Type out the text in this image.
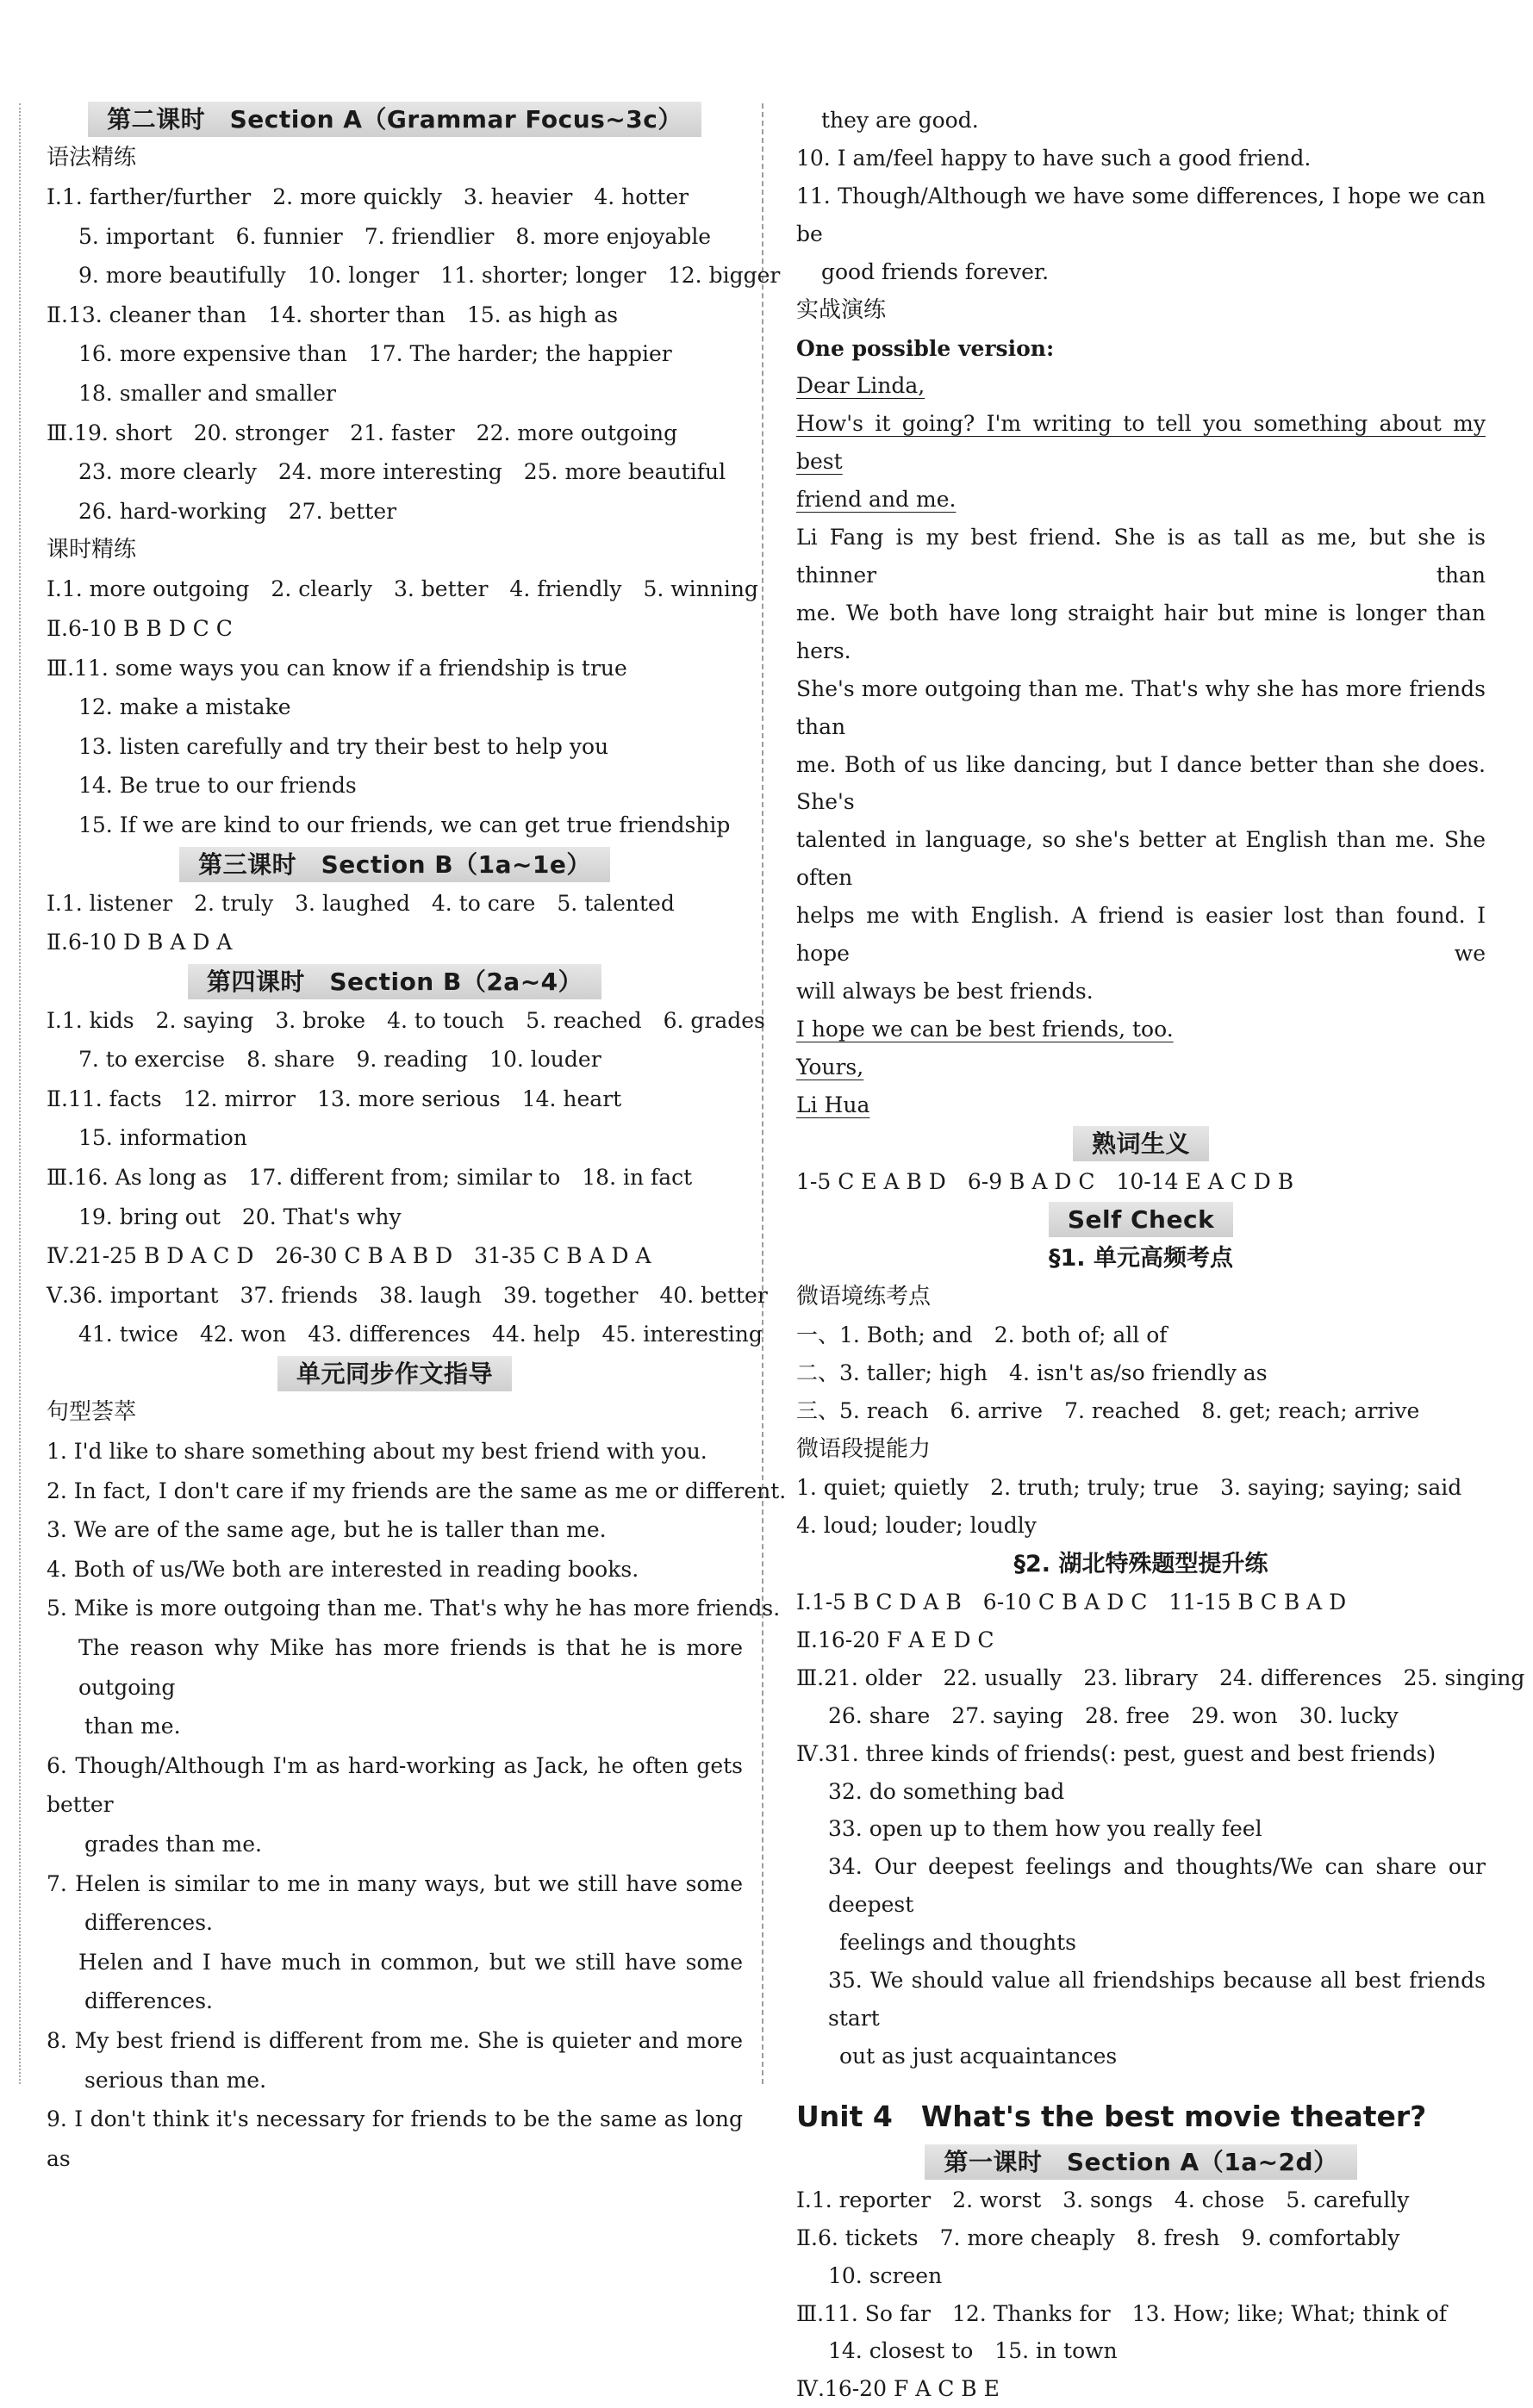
第二课时　Section A（Grammar Focus~3c）
语法精练
Ⅰ.1. farther/further　2. more quickly　3. heavier　4. hotter
5. important　6. funnier　7. friendlier　8. more enjoyable
9. more beautifully　10. longer　11. shorter; longer　12. bigger
Ⅱ.13. cleaner than　14. shorter than　15. as high as
16. more expensive than　17. The harder; the happier
18. smaller and smaller
Ⅲ.19. short　20. stronger　21. faster　22. more outgoing
23. more clearly　24. more interesting　25. more beautiful
26. hard-working　27. better
课时精练
Ⅰ.1. more outgoing　2. clearly　3. better　4. friendly　5. winning
Ⅱ.6-10 B B D C C
Ⅲ.11. some ways you can know if a friendship is true
12. make a mistake
13. listen carefully and try their best to help you
14. Be true to our friends
15. If we are kind to our friends, we can get true friendship
第三课时　Section B（1a~1e）
Ⅰ.1. listener　2. truly　3. laughed　4. to care　5. talented
Ⅱ.6-10 D B A D A
第四课时　Section B（2a~4）
Ⅰ.1. kids　2. saying　3. broke　4. to touch　5. reached　6. grades
7. to exercise　8. share　9. reading　10. louder
Ⅱ.11. facts　12. mirror　13. more serious　14. heart
15. information
Ⅲ.16. As long as　17. different from; similar to　18. in fact
19. bring out　20. That's why
Ⅳ.21-25 B D A C D　26-30 C B A B D　31-35 C B A D A
Ⅴ.36. important　37. friends　38. laugh　39. together　40. better
41. twice　42. won　43. differences　44. help　45. interesting
单元同步作文指导
句型荟萃
1. I'd like to share something about my best friend with you.
2. In fact, I don't care if my friends are the same as me or different.
3. We are of the same age, but he is taller than me.
4. Both of us/We both are interested in reading books.
5. Mike is more outgoing than me. That's why he has more friends.
The reason why Mike has more friends is that he is more outgoing
than me.
6. Though/Although I'm as hard-working as Jack, he often gets better
grades than me.
7. Helen is similar to me in many ways, but we still have some
differences.
Helen and I have much in common, but we still have some
differences.
8. My best friend is different from me. She is quieter and more
serious than me.
9. I don't think it's necessary for friends to be the same as long as
they are good.
10. I am/feel happy to have such a good friend.
11. Though/Although we have some differences, I hope we can be
good friends forever.
实战演练
One possible version:
Dear Linda,
How's it going? I'm writing to tell you something about my best
friend and me.
Li Fang is my best friend. She is as tall as me, but she is thinner than
me. We both have long straight hair but mine is longer than hers.
She's more outgoing than me. That's why she has more friends than
me. Both of us like dancing, but I dance better than she does. She's
talented in language, so she's better at English than me. She often
helps me with English. A friend is easier lost than found. I hope we
will always be best friends.
I hope we can be best friends, too.
Yours,
Li Hua
熟词生义
1-5 C E A B D　6-9 B A D C　10-14 E A C D B
Self Check
§1. 单元高频考点
微语境练考点
一、1. Both; and　2. both of; all of
二、3. taller; high　4. isn't as/so friendly as
三、5. reach　6. arrive　7. reached　8. get; reach; arrive
微语段提能力
1. quiet; quietly　2. truth; truly; true　3. saying; saying; said
4. loud; louder; loudly
§2. 湖北特殊题型提升练
Ⅰ.1-5 B C D A B　6-10 C B A D C　11-15 B C B A D
Ⅱ.16-20 F A E D C
Ⅲ.21. older　22. usually　23. library　24. differences　25. singing
26. share　27. saying　28. free　29. won　30. lucky
Ⅳ.31. three kinds of friends(: pest, guest and best friends)
32. do something bad
33. open up to them how you really feel
34. Our deepest feelings and thoughts/We can share our deepest
feelings and thoughts
35. We should value all friendships because all best friends start
out as just acquaintances
Unit 4　What's the best movie theater?
第一课时　Section A（1a~2d）
Ⅰ.1. reporter　2. worst　3. songs　4. chose　5. carefully
Ⅱ.6. tickets　7. more cheaply　8. fresh　9. comfortably
10. screen
Ⅲ.11. So far　12. Thanks for　13. How; like; What; think of
14. closest to　15. in town
Ⅳ.16-20 F A C B E
